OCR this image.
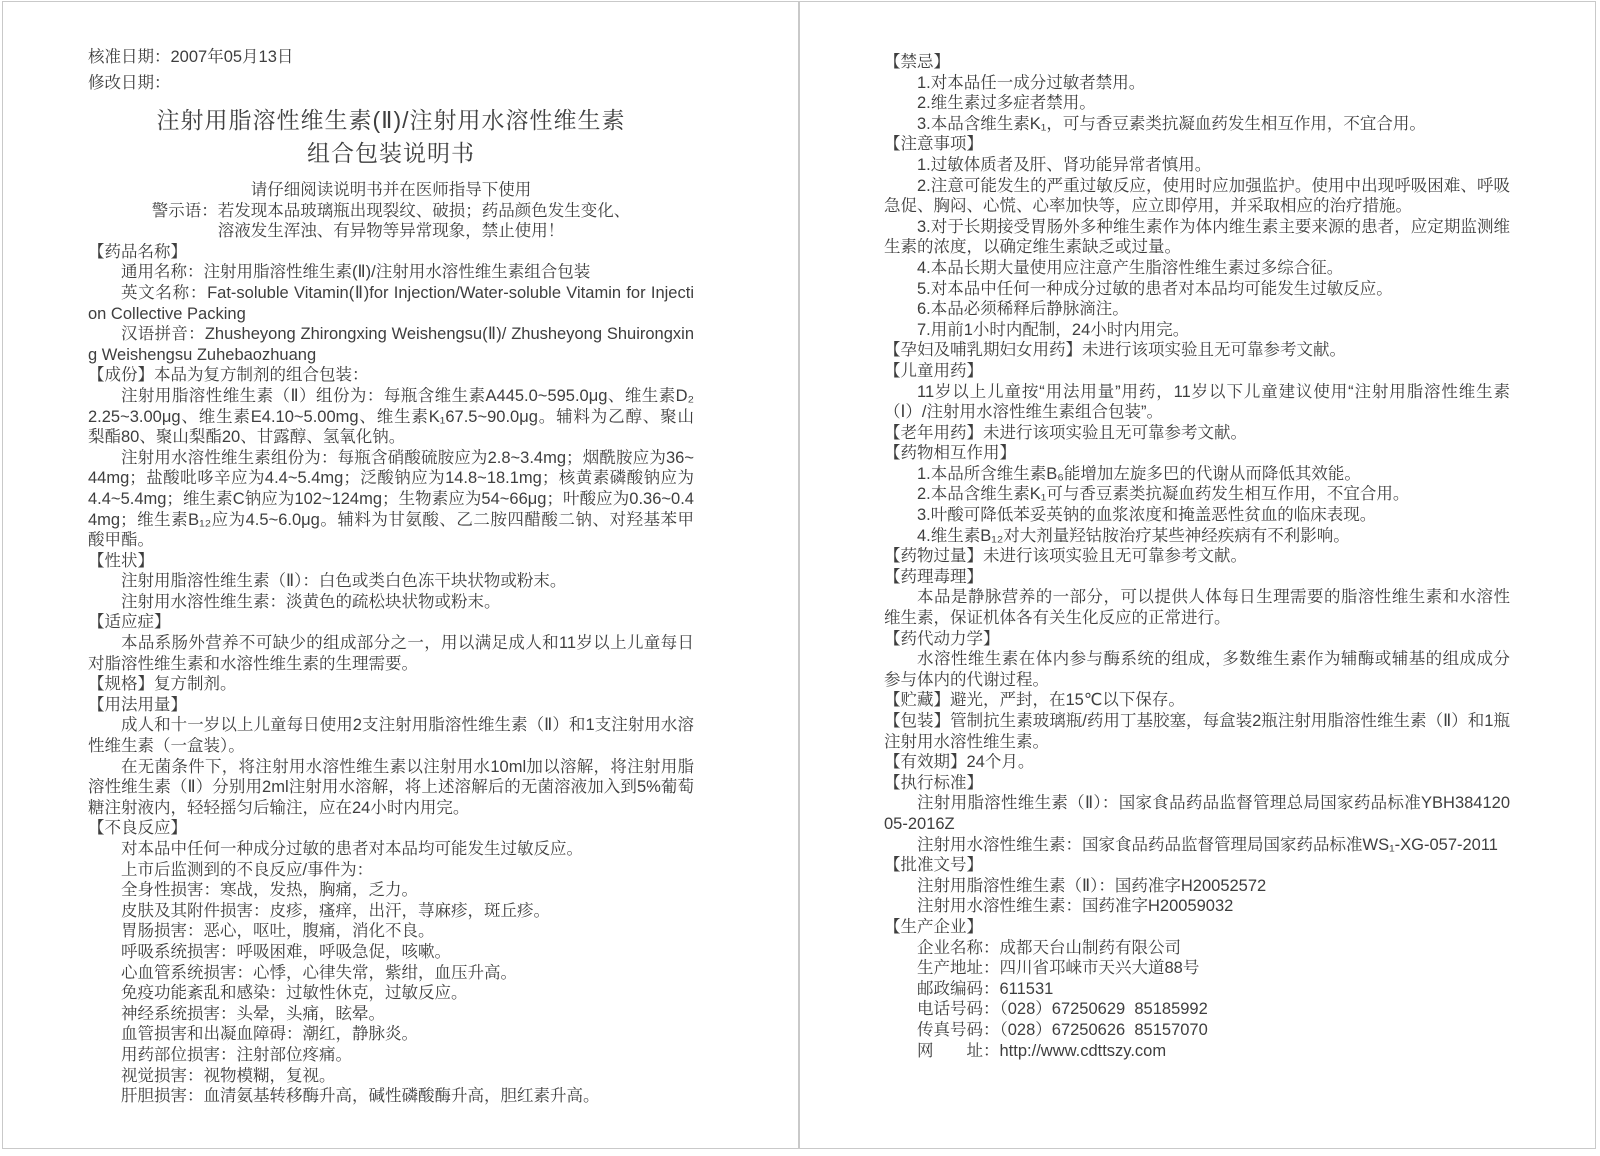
核准日期：2007年05月13日
修改日期：
注射用脂溶性维生素(Ⅱ)/注射用水溶性维生素
组合包装说明书
请仔细阅读说明书并在医师指导下使用
警示语：若发现本品玻璃瓶出现裂纹、破损；药品颜色发生变化、
溶液发生浑浊、有异物等异常现象，禁止使用！

【药品名称】

通用名称：注射用脂溶性维生素(Ⅱ)/注射用水溶性维生素组合包装

英文名称：Fat-soluble Vitamin(Ⅱ)for Injection/Water-soluble Vitamin for Injection Collective Packing

汉语拼音：Zhusheyong Zhirongxing Weishengsu(Ⅱ)/ Zhusheyong Shuirongxing Weishengsu Zuhebaozhuang

【成份】本品为复方制剂的组合包装：

注射用脂溶性维生素（Ⅱ）组份为：每瓶含维生素A445.0~595.0μg、维生素D₂2.25~3.00μg、维生素E4.10~5.00mg、维生素K₁67.5~90.0μg。辅料为乙醇、聚山梨酯80、聚山梨酯20、甘露醇、氢氧化钠。

注射用水溶性维生素组份为：每瓶含硝酸硫胺应为2.8~3.4mg；烟酰胺应为36~44mg；盐酸吡哆辛应为4.4~5.4mg；泛酸钠应为14.8~18.1mg；核黄素磷酸钠应为4.4~5.4mg；维生素C钠应为102~124mg；生物素应为54~66μg；叶酸应为0.36~0.44mg；维生素B₁₂应为4.5~6.0μg。辅料为甘氨酸、乙二胺四醋酸二钠、对羟基苯甲酸甲酯。

【性状】

注射用脂溶性维生素（Ⅱ）：白色或类白色冻干块状物或粉末。

注射用水溶性维生素：淡黄色的疏松块状物或粉末。

【适应症】

本品系肠外营养不可缺少的组成部分之一，用以满足成人和11岁以上儿童每日对脂溶性维生素和水溶性维生素的生理需要。

【规格】复方制剂。

【用法用量】

成人和十一岁以上儿童每日使用2支注射用脂溶性维生素（Ⅱ）和1支注射用水溶性维生素（一盒装）。

在无菌条件下，将注射用水溶性维生素以注射用水10ml加以溶解，将注射用脂溶性维生素（Ⅱ）分别用2ml注射用水溶解，将上述溶解后的无菌溶液加入到5%葡萄糖注射液内，轻轻摇匀后输注，应在24小时内用完。

【不良反应】

对本品中任何一种成分过敏的患者对本品均可能发生过敏反应。

上市后监测到的不良反应/事件为：

全身性损害：寒战，发热，胸痛，乏力。

皮肤及其附件损害：皮疹，瘙痒，出汗，荨麻疹，斑丘疹。

胃肠损害：恶心，呕吐，腹痛，消化不良。

呼吸系统损害：呼吸困难，呼吸急促，咳嗽。

心血管系统损害：心悸，心律失常，紫绀，血压升高。

免疫功能紊乱和感染：过敏性休克，过敏反应。

神经系统损害：头晕，头痛，眩晕。

血管损害和出凝血障碍：潮红，静脉炎。

用药部位损害：注射部位疼痛。

视觉损害：视物模糊，复视。

肝胆损害：血清氨基转移酶升高，碱性磷酸酶升高，胆红素升高。

【禁忌】

1.对本品任一成分过敏者禁用。

2.维生素过多症者禁用。

3.本品含维生素K₁，可与香豆素类抗凝血药发生相互作用，不宜合用。

【注意事项】

1.过敏体质者及肝、肾功能异常者慎用。

2.注意可能发生的严重过敏反应，使用时应加强监护。使用中出现呼吸困难、呼吸急促、胸闷、心慌、心率加快等，应立即停用，并采取相应的治疗措施。

3.对于长期接受胃肠外多种维生素作为体内维生素主要来源的患者，应定期监测维生素的浓度，以确定维生素缺乏或过量。

4.本品长期大量使用应注意产生脂溶性维生素过多综合征。

5.对本品中任何一种成分过敏的患者对本品均可能发生过敏反应。

6.本品必须稀释后静脉滴注。

7.用前1小时内配制，24小时内用完。

【孕妇及哺乳期妇女用药】未进行该项实验且无可靠参考文献。

【儿童用药】

11岁以上儿童按“用法用量”用药，11岁以下儿童建议使用“注射用脂溶性维生素（Ⅰ）/注射用水溶性维生素组合包装”。

【老年用药】未进行该项实验且无可靠参考文献。

【药物相互作用】

1.本品所含维生素B₆能增加左旋多巴的代谢从而降低其效能。

2.本品含维生素K₁可与香豆素类抗凝血药发生相互作用，不宜合用。

3.叶酸可降低苯妥英钠的血浆浓度和掩盖恶性贫血的临床表现。

4.维生素B₁₂对大剂量羟钴胺治疗某些神经疾病有不利影响。

【药物过量】未进行该项实验且无可靠参考文献。

【药理毒理】

本品是静脉营养的一部分，可以提供人体每日生理需要的脂溶性维生素和水溶性维生素，保证机体各有关生化反应的正常进行。

【药代动力学】

水溶性维生素在体内参与酶系统的组成，多数维生素作为辅酶或辅基的组成成分参与体内的代谢过程。

【贮藏】避光，严封，在15℃以下保存。

【包装】管制抗生素玻璃瓶/药用丁基胶塞，每盒装2瓶注射用脂溶性维生素（Ⅱ）和1瓶注射用水溶性维生素。

【有效期】24个月。

【执行标准】

注射用脂溶性维生素（Ⅱ）：国家食品药品监督管理总局国家药品标准YBH38412005-2016Z

注射用水溶性维生素：国家食品药品监督管理局国家药品标准WS₁-XG-057-2011

【批准文号】

注射用脂溶性维生素（Ⅱ）：国药准字H20052572

注射用水溶性维生素：国药准字H20059032

【生产企业】

企业名称：成都天台山制药有限公司

生产地址：四川省邛崃市天兴大道88号

邮政编码：611531

电话号码：（028）67250629  85185992

传真号码：（028）67250626  85157070

网　　址：http://www.cdttszy.com
